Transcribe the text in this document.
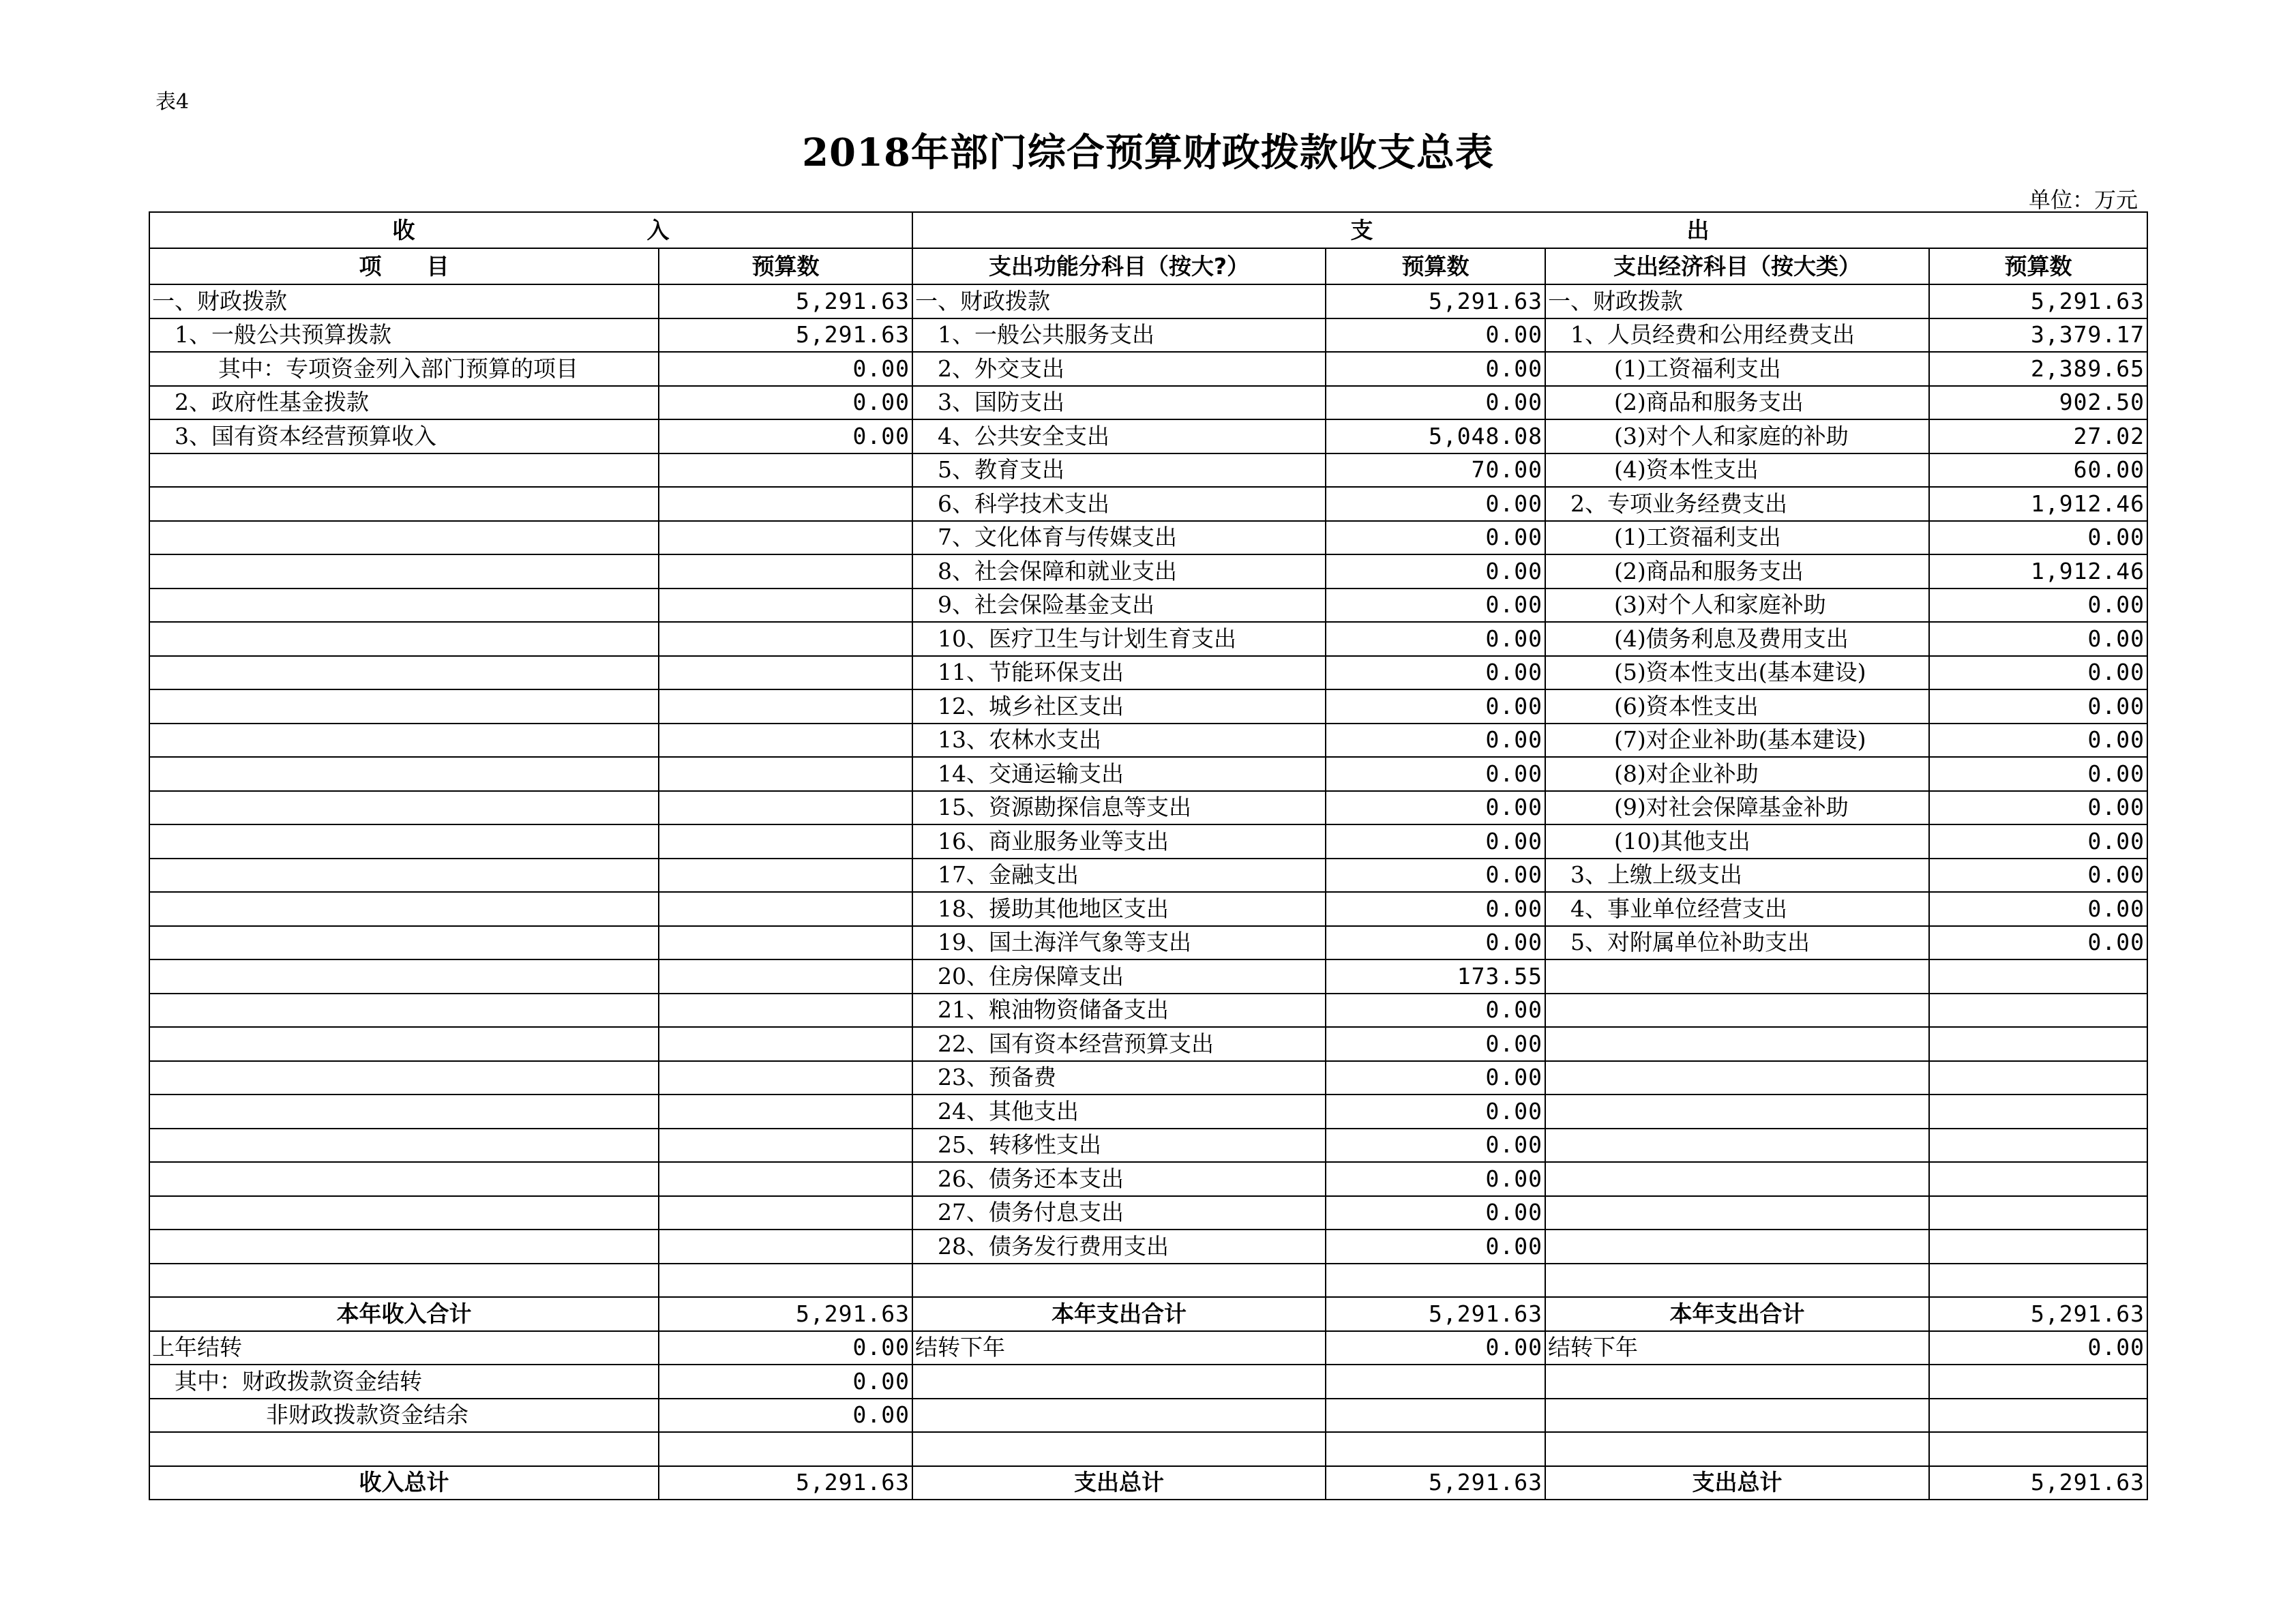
表4
2018年部门综合预算财政拨款收支总表
单位：万元
收 入		支 出			
项　　目	预算数	支出功能分科目（按大?）	预算数	支出经济科目（按大类）	预算数
一、财政拨款	5,291.63	一、财政拨款	5,291.63	一、财政拨款	5,291.63
1、一般公共预算拨款	5,291.63	1、一般公共服务支出	0.00	1、人员经费和公用经费支出	3,379.17
其中：专项资金列入部门预算的项目	0.00	2、外交支出	0.00	(1)工资福利支出	2,389.65
2、政府性基金拨款	0.00	3、国防支出	0.00	(2)商品和服务支出	902.50
3、国有资本经营预算收入	0.00	4、公共安全支出	5,048.08	(3)对个人和家庭的补助	27.02
		5、教育支出	70.00	(4)资本性支出	60.00
		6、科学技术支出	0.00	2、专项业务经费支出	1,912.46
		7、文化体育与传媒支出	0.00	(1)工资福利支出	0.00
		8、社会保障和就业支出	0.00	(2)商品和服务支出	1,912.46
		9、社会保险基金支出	0.00	(3)对个人和家庭补助	0.00
		10、医疗卫生与计划生育支出	0.00	(4)债务利息及费用支出	0.00
		11、节能环保支出	0.00	(5)资本性支出(基本建设)	0.00
		12、城乡社区支出	0.00	(6)资本性支出	0.00
		13、农林水支出	0.00	(7)对企业补助(基本建设)	0.00
		14、交通运输支出	0.00	(8)对企业补助	0.00
		15、资源勘探信息等支出	0.00	(9)对社会保障基金补助	0.00
		16、商业服务业等支出	0.00	(10)其他支出	0.00
		17、金融支出	0.00	3、上缴上级支出	0.00
		18、援助其他地区支出	0.00	4、事业单位经营支出	0.00
		19、国土海洋气象等支出	0.00	5、对附属单位补助支出	0.00
		20、住房保障支出	173.55		
		21、粮油物资储备支出	0.00		
		22、国有资本经营预算支出	0.00		
		23、预备费	0.00		
		24、其他支出	0.00		
		25、转移性支出	0.00		
		26、债务还本支出	0.00		
		27、债务付息支出	0.00		
		28、债务发行费用支出	0.00		

本年收入合计	5,291.63	本年支出合计	5,291.63	本年支出合计	5,291.63
上年结转	0.00	结转下年	0.00	结转下年	0.00
其中：财政拨款资金结转	0.00				
非财政拨款资金结余	0.00				

收入总计	5,291.63	支出总计	5,291.63	支出总计	5,291.63
